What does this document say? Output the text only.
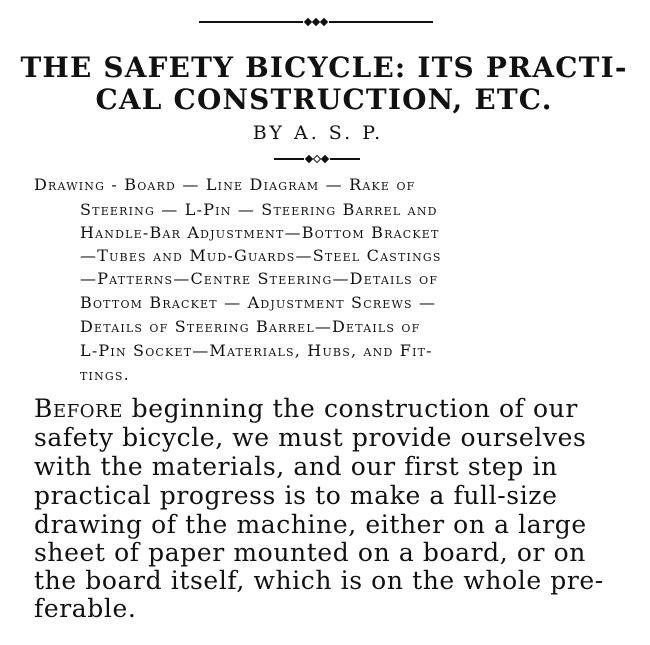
THE SAFETY BICYCLE: ITS PRACTI-
CAL CONSTRUCTION, ETC.
BY A. S. P.
Drawing - Board — Line Diagram — Rake of
Steering — L-Pin — Steering Barrel and
Handle-Bar Adjustment—Bottom Bracket
—Tubes and Mud-Guards—Steel Castings
—Patterns—Centre Steering—Details of
Bottom Bracket — Adjustment Screws —
Details of Steering Barrel—Details of
L-Pin Socket—Materials, Hubs, and Fit-
tings.
Before beginning the construction of our
safety bicycle, we must provide ourselves
with the materials, and our first step in
practical progress is to make a full-size
drawing of the machine, either on a large
sheet of paper mounted on a board, or on
the board itself, which is on the whole pre-
ferable.
